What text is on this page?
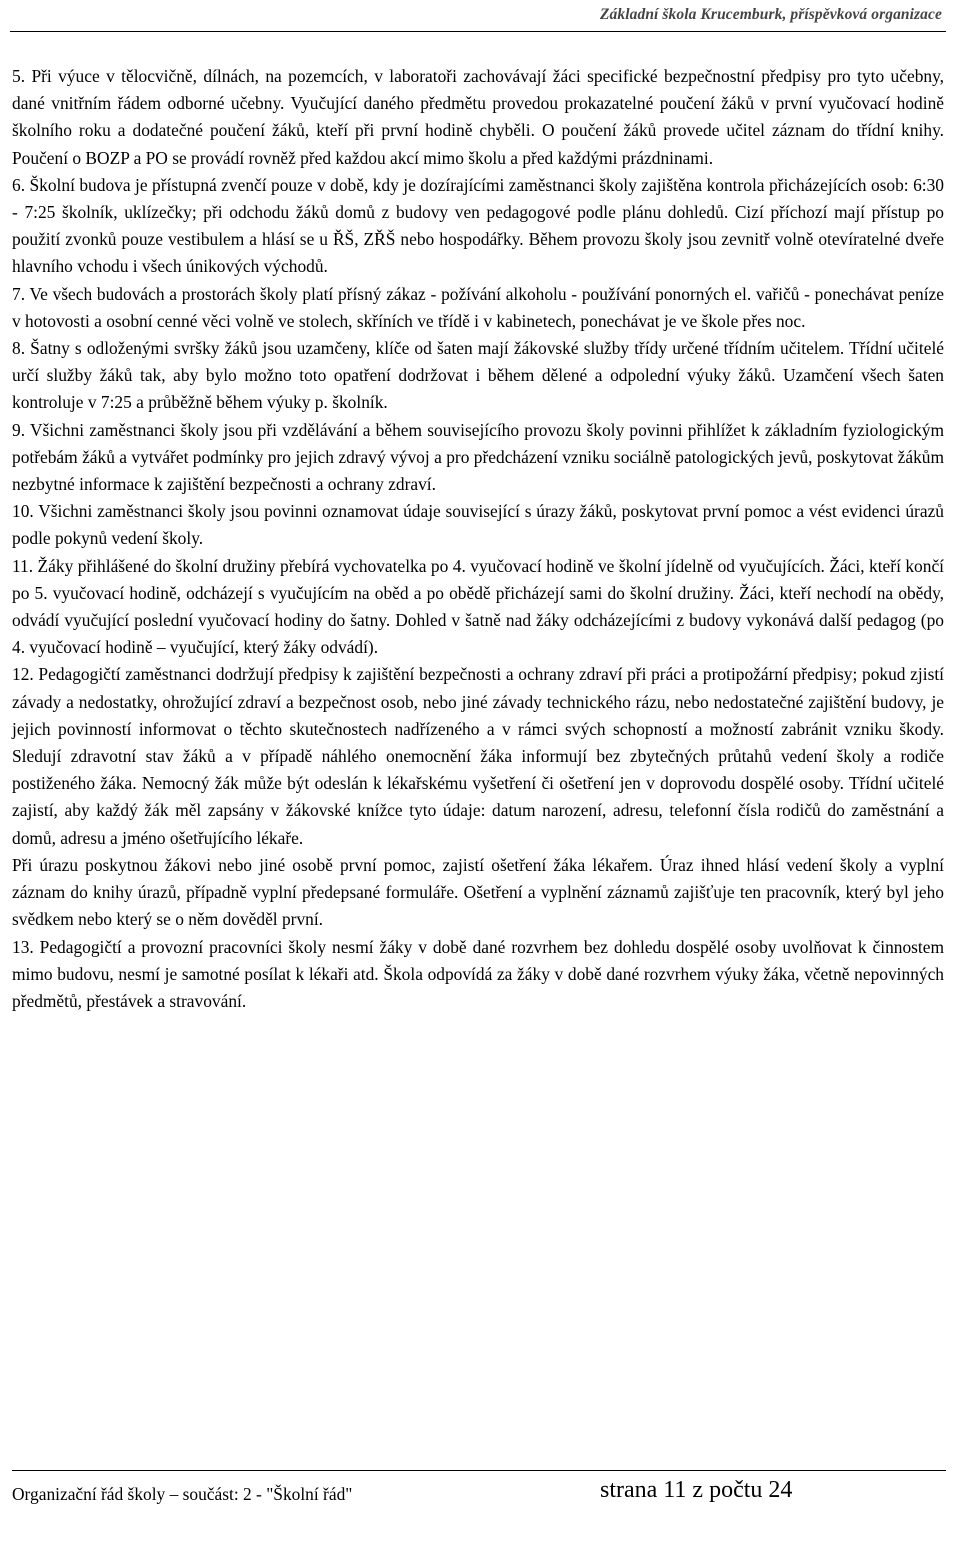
Základní škola Krucemburk, příspěvková organizace

5. Při výuce v tělocvičně, dílnách, na pozemcích, v laboratoři zachovávají žáci specifické bezpečnostní předpisy pro tyto učebny, dané vnitřním řádem odborné učebny. Vyučující daného předmětu provedou prokazatelné poučení žáků v první vyučovací hodině školního roku a dodatečné poučení žáků, kteří při první hodině chyběli. O poučení žáků provede učitel záznam do třídní knihy. Poučení o BOZP a PO se provádí rovněž před každou akcí mimo školu a před každými prázdninami.

6. Školní budova je přístupná zvenčí pouze v době, kdy je dozírajícími zaměstnanci školy zajištěna kontrola přicházejících osob: 6:30 - 7:25 školník, uklízečky; při odchodu žáků domů z budovy ven pedagogové podle plánu dohledů. Cizí příchozí mají přístup po použití zvonků pouze vestibulem a hlásí se u ŘŠ, ZŘŠ nebo hospodářky. Během provozu školy jsou zevnitř volně otevíratelné dveře hlavního vchodu i všech únikových východů.

7. Ve všech budovách a prostorách školy platí přísný zákaz - požívání alkoholu - používání ponorných el. vařičů - ponechávat peníze v hotovosti a osobní cenné věci volně ve stolech, skříních ve třídě i v kabinetech, ponechávat je ve škole přes noc.

8. Šatny s odloženými svršky žáků jsou uzamčeny, klíče od šaten mají žákovské služby třídy určené třídním učitelem. Třídní učitelé určí služby žáků tak, aby bylo možno toto opatření dodržovat i během dělené a odpolední výuky žáků. Uzamčení všech šaten kontroluje v 7:25 a průběžně během výuky p. školník.

9. Všichni zaměstnanci školy jsou při vzdělávání a během souvisejícího provozu školy povinni přihlížet k základním fyziologickým potřebám žáků a vytvářet podmínky pro jejich zdravý vývoj a pro předcházení vzniku sociálně patologických jevů, poskytovat žákům nezbytné informace k zajištění bezpečnosti a ochrany zdraví.

10. Všichni zaměstnanci školy jsou povinni oznamovat údaje související s úrazy žáků, poskytovat první pomoc a vést evidenci úrazů podle pokynů vedení školy.

11. Žáky přihlášené do školní družiny přebírá vychovatelka po 4. vyučovací hodině ve školní jídelně od vyučujících. Žáci, kteří končí po 5. vyučovací hodině, odcházejí s vyučujícím na oběd a po obědě přicházejí sami do školní družiny. Žáci, kteří nechodí na obědy, odvádí vyučující poslední vyučovací hodiny do šatny. Dohled v šatně nad žáky odcházejícími z budovy vykonává další pedagog (po 4. vyučovací hodině – vyučující, který žáky odvádí).

12. Pedagogičtí zaměstnanci dodržují předpisy k zajištění bezpečnosti a ochrany zdraví při práci a protipožární předpisy; pokud zjistí závady a nedostatky, ohrožující zdraví a bezpečnost osob, nebo jiné závady technického rázu, nebo nedostatečné zajištění budovy, je jejich povinností informovat o těchto skutečnostech nadřízeného a v rámci svých schopností a možností zabránit vzniku škody. Sledují zdravotní stav žáků a v případě náhlého onemocnění žáka informují bez zbytečných průtahů vedení školy a rodiče postiženého žáka. Nemocný žák může být odeslán k lékařskému vyšetření či ošetření jen v doprovodu dospělé osoby. Třídní učitelé zajistí, aby každý žák měl zapsány v žákovské knížce tyto údaje: datum narození, adresu, telefonní čísla rodičů do zaměstnání a domů, adresu a jméno ošetřujícího lékaře.

Při úrazu poskytnou žákovi nebo jiné osobě první pomoc, zajistí ošetření žáka lékařem. Úraz ihned hlásí vedení školy a vyplní záznam do knihy úrazů, případně vyplní předepsané formuláře. Ošetření a vyplnění záznamů zajišťuje ten pracovník, který byl jeho svědkem nebo který se o něm dověděl první.

13. Pedagogičtí a provozní pracovníci školy nesmí žáky v době dané rozvrhem bez dohledu dospělé osoby uvolňovat k činnostem mimo budovu, nesmí je samotné posílat k lékaři atd. Škola odpovídá za žáky v době dané rozvrhem výuky žáka, včetně nepovinných předmětů, přestávek a stravování.

Organizační řád školy – součást: 2 - "Školní řád"	strana 11 z počtu 24
